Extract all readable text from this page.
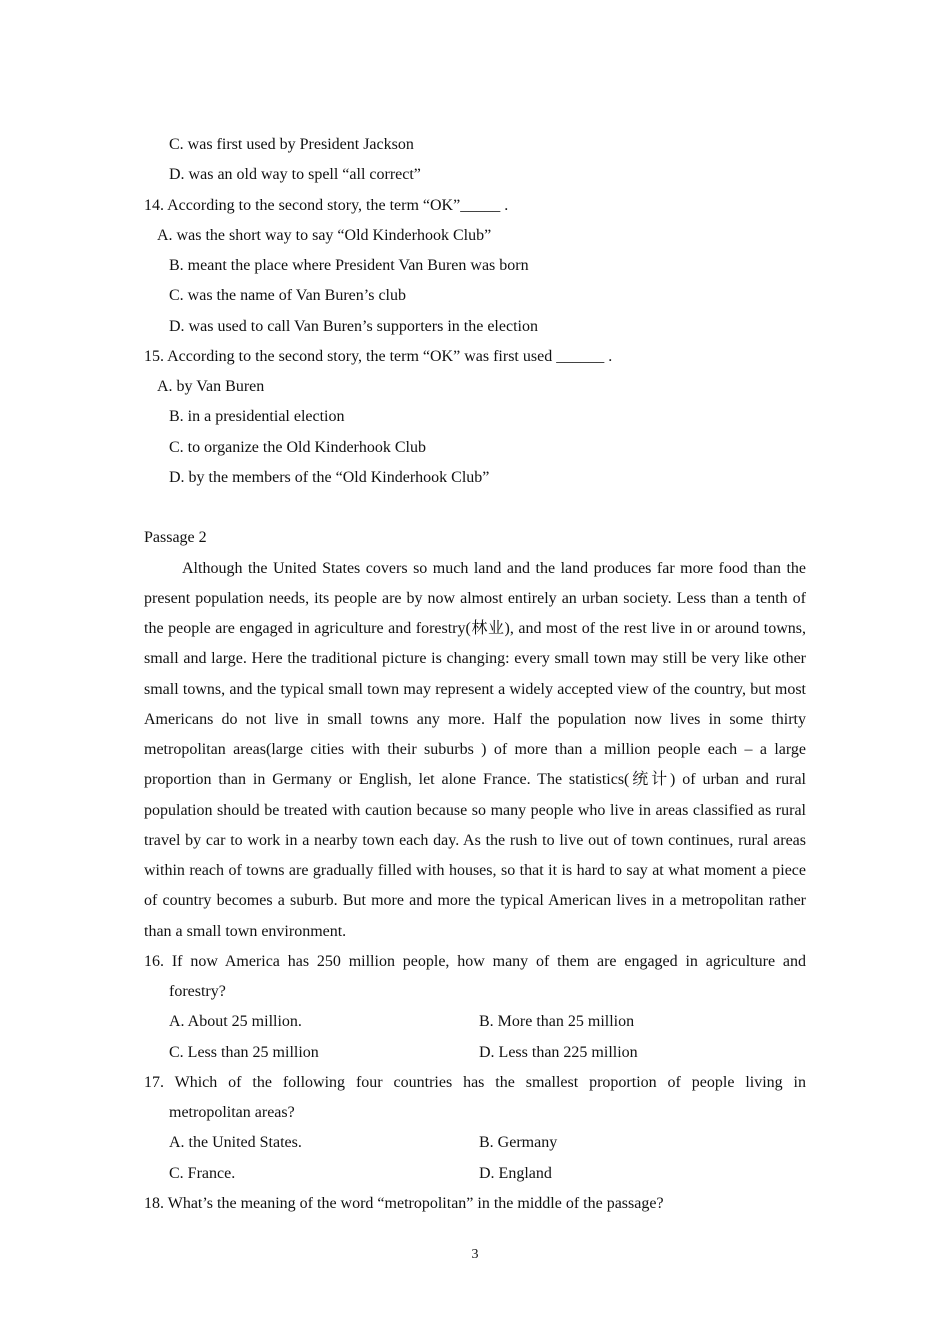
C. was first used by President Jackson
D. was an old way to spell “all correct”
14. According to the second story, the term “OK”_____ .
A. was the short way to say “Old Kinderhook Club”
B. meant the place where President Van Buren was born
C. was the name of Van Buren’s club
D. was used to call Van Buren’s supporters in the election
15. According to the second story, the term “OK” was first used ______ .
A. by Van Buren
B. in a presidential election
C. to organize the Old Kinderhook Club
D. by the members of the “Old Kinderhook Club”
Passage 2
Although the United States covers so much land and the land produces far more food than the present population needs, its people are by now almost entirely an urban society. Less than a tenth of the people are engaged in agriculture and forestry(林业), and most of the rest live in or around towns, small and large. Here the traditional picture is changing: every small town may still be very like other small towns, and the typical small town may represent a widely accepted view of the country, but most Americans do not live in small towns any more. Half the population now lives in some thirty metropolitan areas(large cities with their suburbs ) of more than a million people each – a large proportion than in Germany or English, let alone France. The statistics(统计) of urban and rural population should be treated with caution because so many people who live in areas classified as rural travel by car to work in a nearby town each day. As the rush to live out of town continues, rural areas within reach of towns are gradually filled with houses, so that it is hard to say at what moment a piece of country becomes a suburb. But more and more the typical American lives in a metropolitan rather than a small town environment.
16. If now America has 250 million people, how many of them are engaged in agriculture and
forestry?
A. About 25 million.	B. More than 25 million
C. Less than 25 million	D. Less than 225 million
17. Which of the following four countries has the smallest proportion of people living in
metropolitan areas?
A. the United States.	B. Germany
C. France.	D. England
18. What’s the meaning of the word “metropolitan” in the middle of the passage?
3
